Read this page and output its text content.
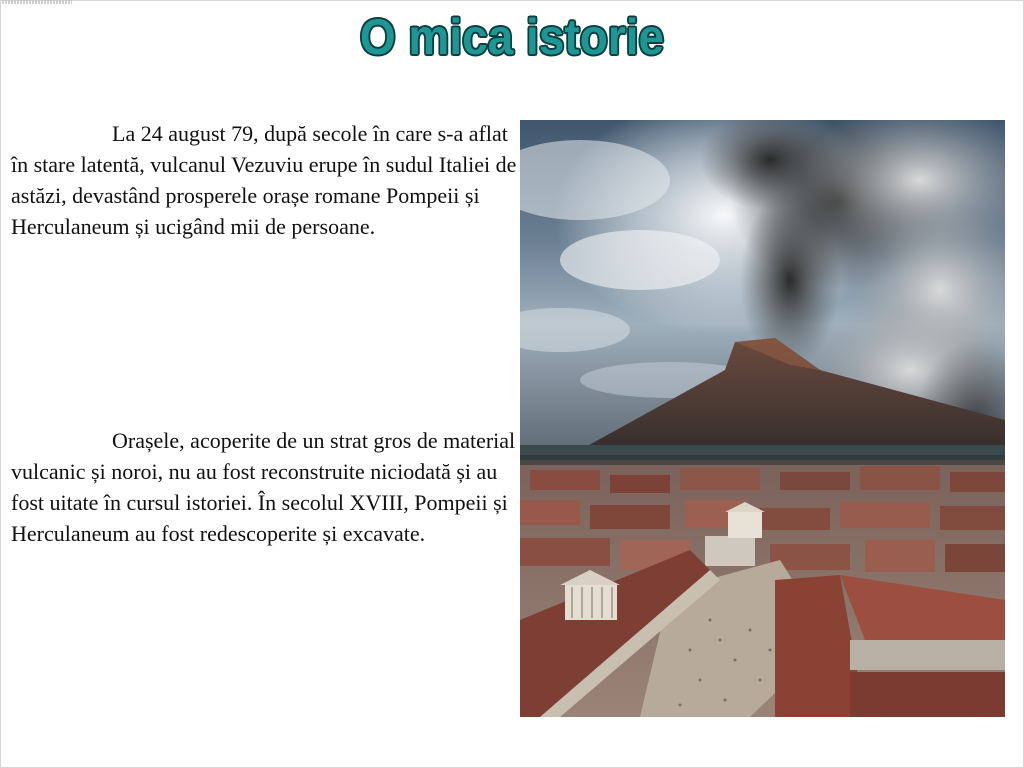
O mica istorie

La 24 august 79, după secole în care s-a aflat în stare latentă, vulcanul Vezuviu erupe în sudul Italiei de astăzi, devastând prosperele orașe romane Pompeii și Herculaneum și ucigând mii de persoane.

Orașele, acoperite de un strat gros de material vulcanic și noroi, nu au fost reconstruite niciodată și au fost uitate în cursul istoriei. În secolul XVIII, Pompeii și Herculaneum au fost redescoperite și excavate.
